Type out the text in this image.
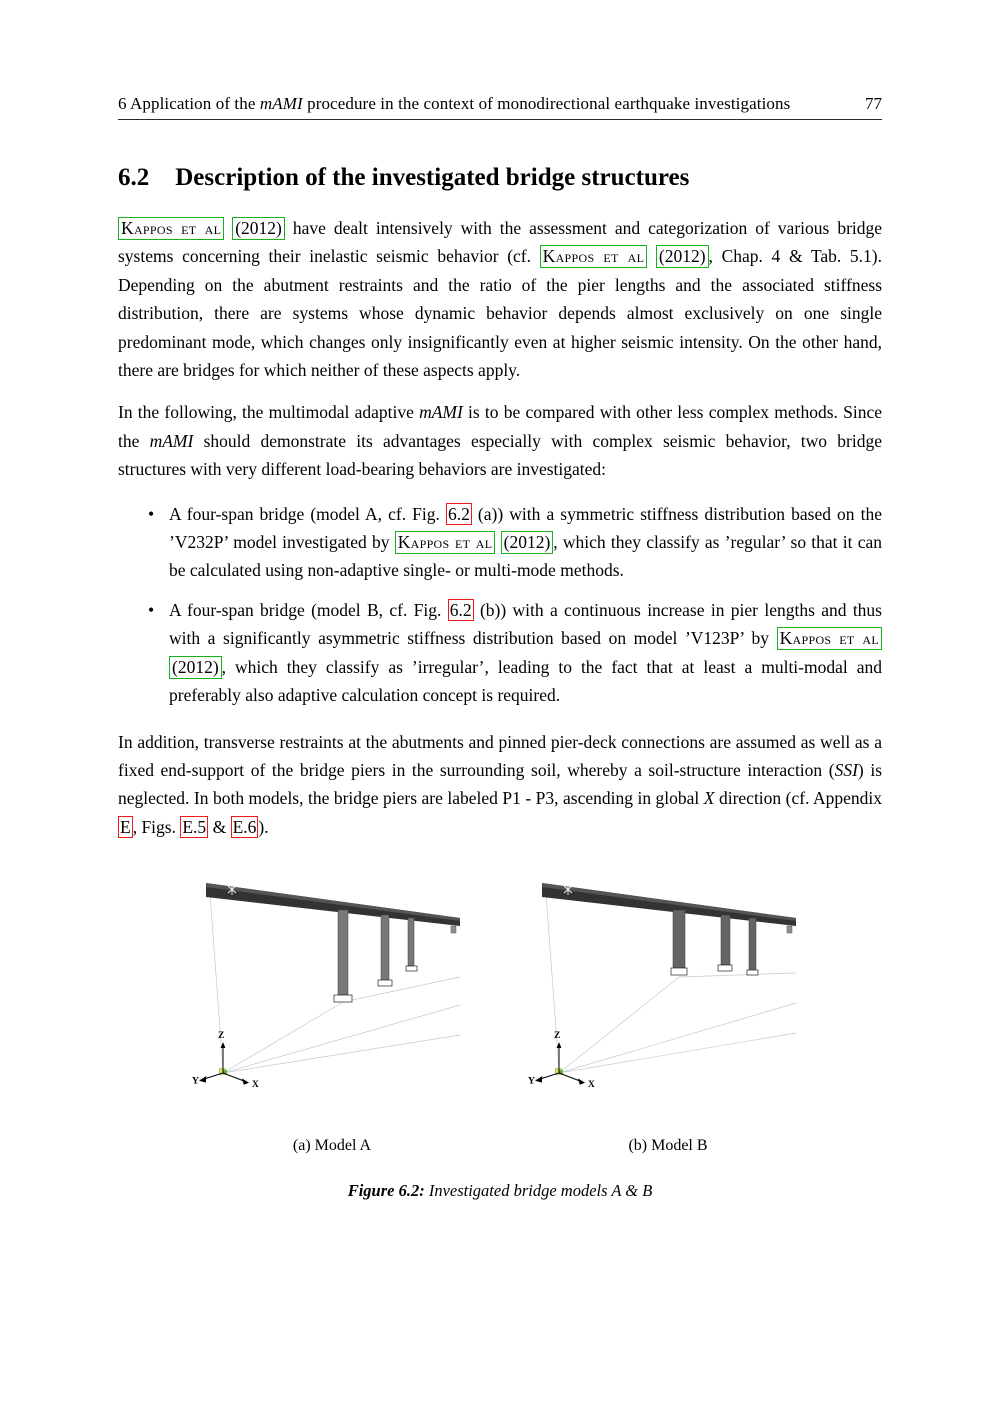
6 Application of the mAMI procedure in the context of monodirectional earthquake investigations	77
6.2 Description of the investigated bridge structures

Kappos et al (2012) have dealt intensively with the assessment and categorization of various bridge systems concerning their inelastic seismic behavior (cf. Kappos et al (2012) , Chap. 4 & Tab. 5.1). Depending on the abutment restraints and the ratio of the pier lengths and the associated stiffness distribution, there are systems whose dynamic behavior depends almost exclusively on one single predominant mode, which changes only insignificantly even at higher seismic intensity. On the other hand, there are bridges for which neither of these aspects apply.

In the following, the multimodal adaptive mAMI is to be compared with other less complex methods. Since the mAMI should demonstrate its advantages especially with complex seismic behavior, two bridge structures with very different load-bearing behaviors are investigated:

• A four-span bridge (model A, cf. Fig. 6.2 (a)) with a symmetric stiffness distribution based on the ’V232P’ model investigated by Kappos et al (2012) , which they classify as ’regular’ so that it can be calculated using non-adaptive single- or multi-mode methods.
• A four-span bridge (model B, cf. Fig. 6.2 (b)) with a continuous increase in pier lengths and thus with a significantly asymmetric stiffness distribution based on model ’V123P’ by Kappos et al (2012) , which they classify as ’irregular’, leading to the fact that at least a multi-modal and preferably also adaptive calculation concept is required.

In addition, transverse restraints at the abutments and pinned pier-deck connections are assumed as well as a fixed end-support of the bridge piers in the surrounding soil, whereby a soil-structure interaction (SSI) is neglected. In both models, the bridge piers are labeled P1 - P3, ascending in global X direction (cf. Appendix E , Figs. E.5 & E.6 ).

Z
X
Y
(a) Model A
Z
X
Y
(b) Model B
Figure 6.2: Investigated bridge models A & B
